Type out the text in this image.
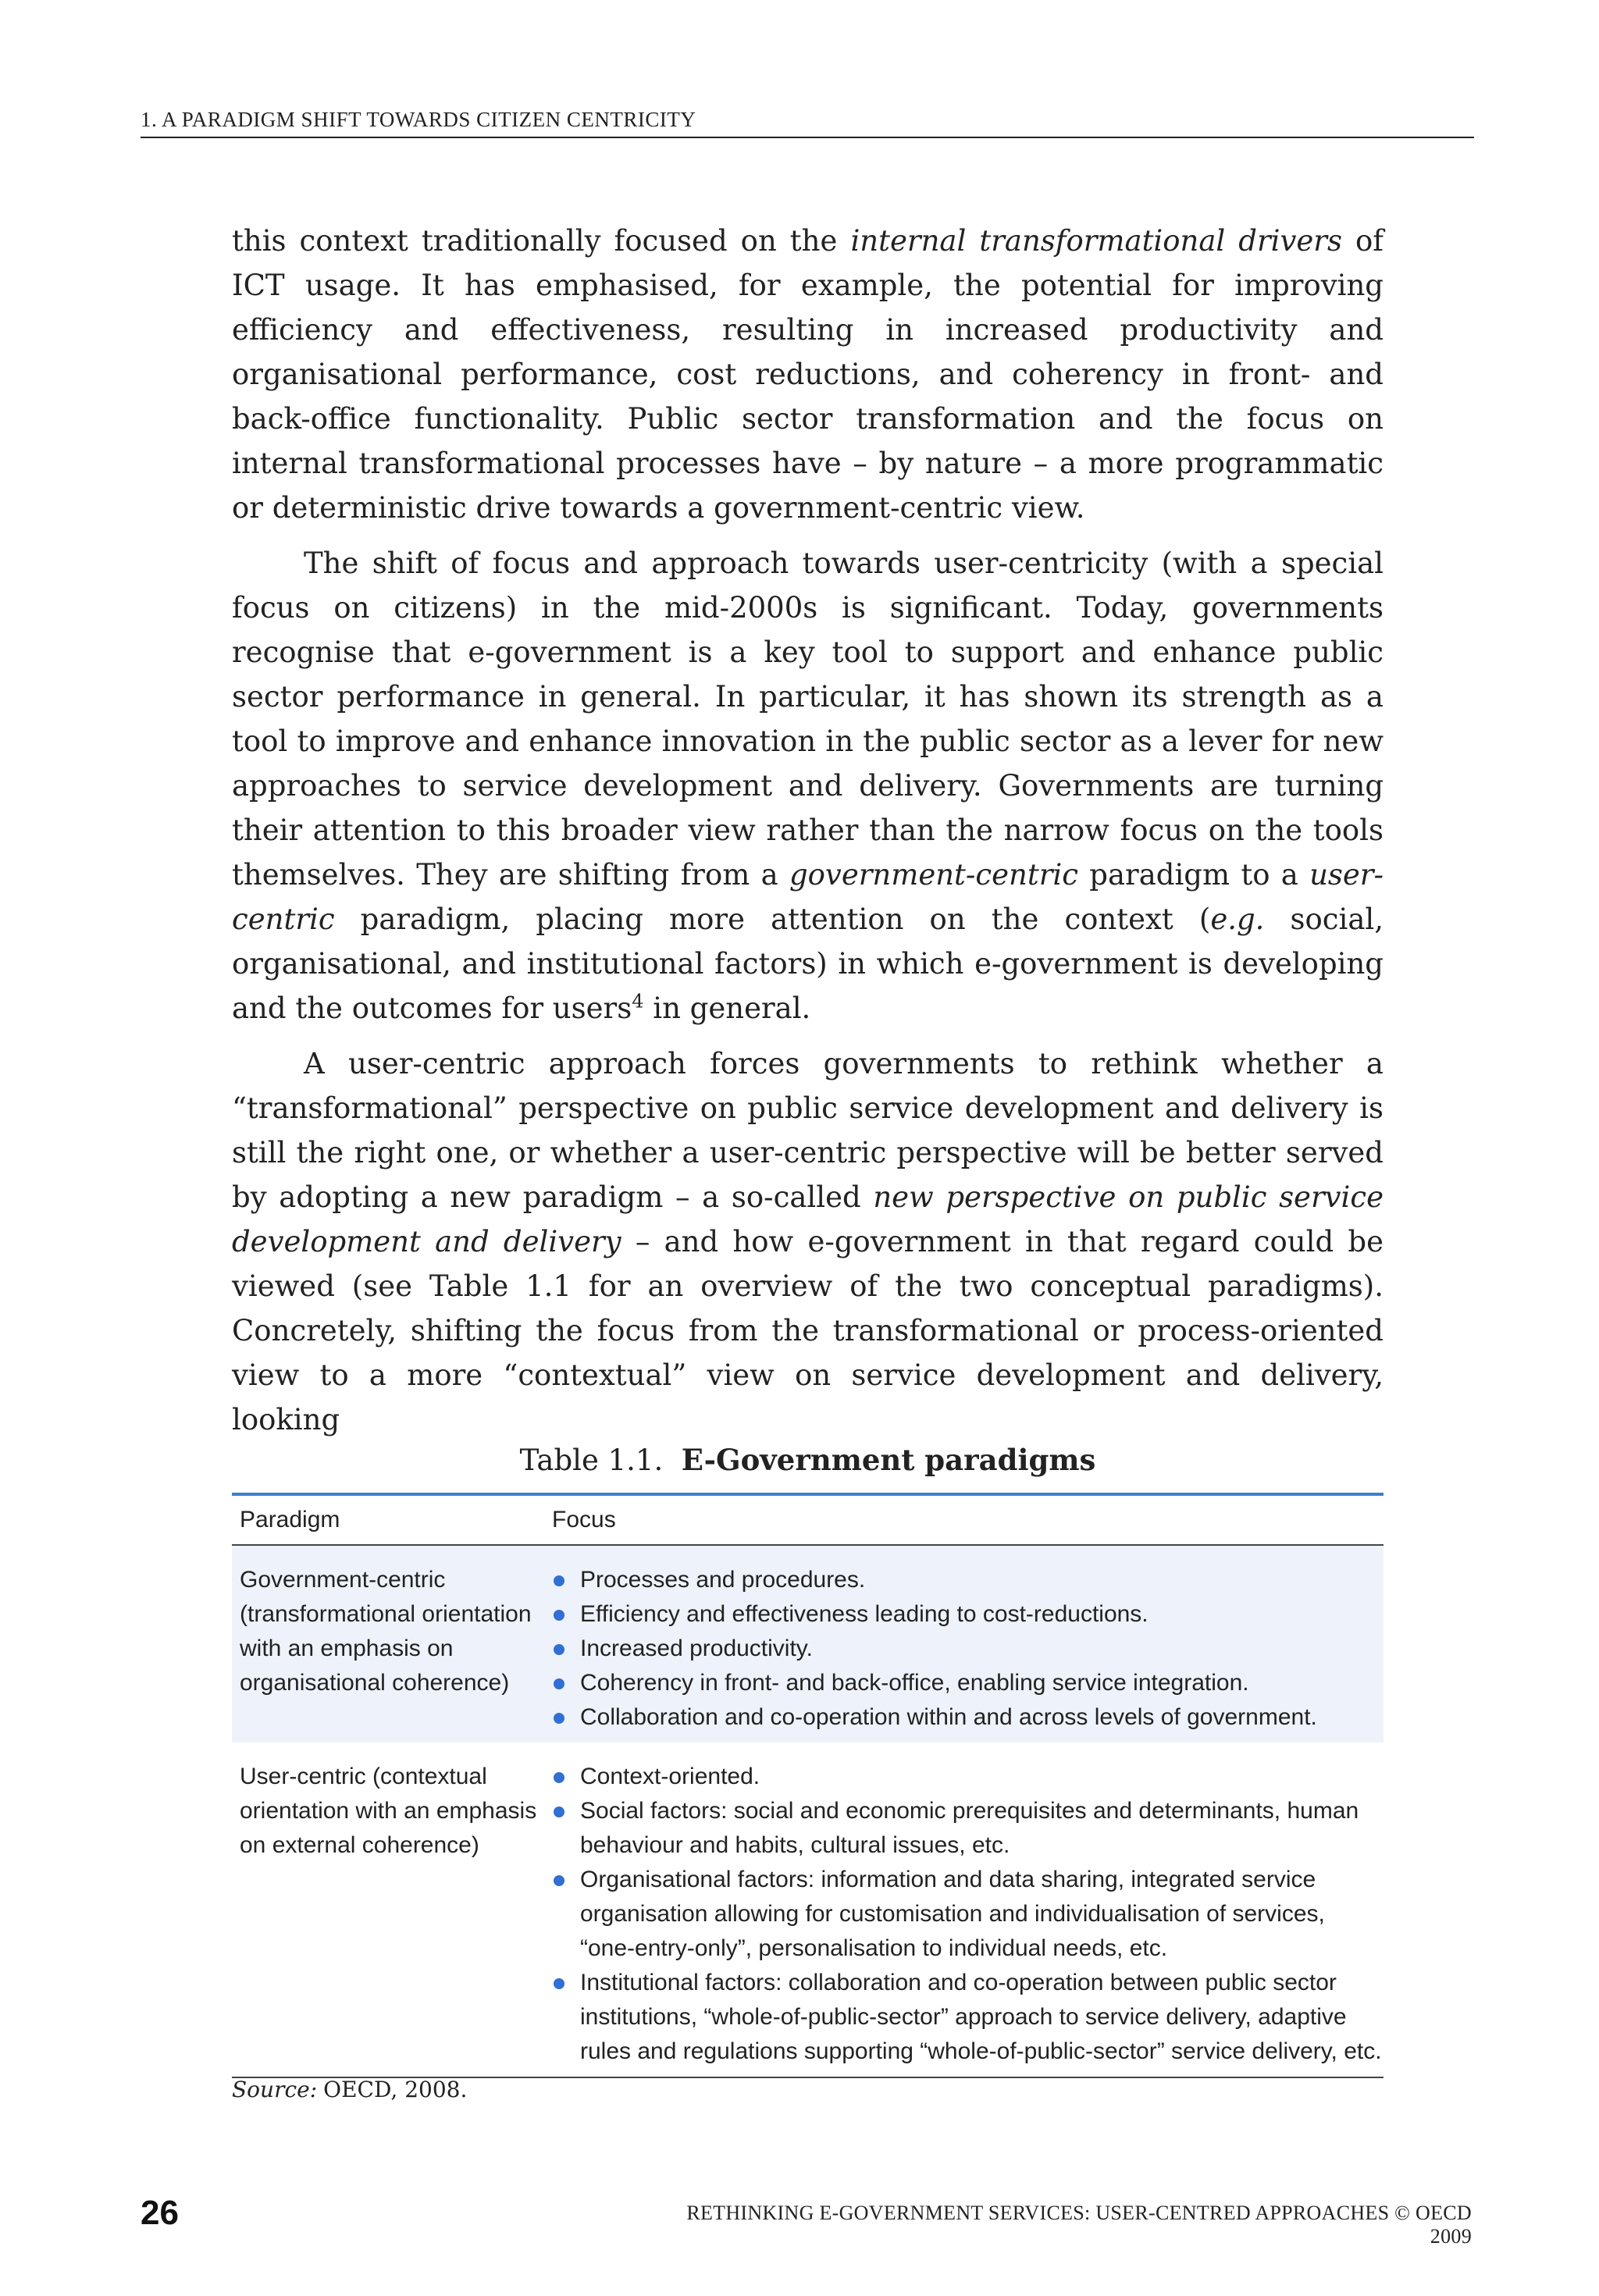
1. A PARADIGM SHIFT TOWARDS CITIZEN CENTRICITY

this context traditionally focused on the internal transformational drivers of ICT usage. It has emphasised, for example, the potential for improving efficiency and effectiveness, resulting in increased productivity and organisational performance, cost reductions, and coherency in front- and back-office functionality. Public sector transformation and the focus on internal transformational processes have – by nature – a more programmatic or deterministic drive towards a government-centric view.

The shift of focus and approach towards user-centricity (with a special focus on citizens) in the mid-2000s is significant. Today, governments recognise that e-government is a key tool to support and enhance public sector performance in general. In particular, it has shown its strength as a tool to improve and enhance innovation in the public sector as a lever for new approaches to service development and delivery. Governments are turning their attention to this broader view rather than the narrow focus on the tools themselves. They are shifting from a government-centric paradigm to a user-centric paradigm, placing more attention on the context (e.g. social, organisational, and institutional factors) in which e-government is developing and the outcomes for users$^4$ in general.

A user-centric approach forces governments to rethink whether a “transformational” perspective on public service development and delivery is still the right one, or whether a user-centric perspective will be better served by adopting a new paradigm – a so-called new perspective on public service development and delivery – and how e-government in that regard could be viewed (see Table 1.1 for an overview of the two conceptual paradigms). Concretely, shifting the focus from the transformational or process-oriented view to a more “contextual” view on service development and delivery, looking

Table 1.1. E-Government paradigms
Paradigm	Focus
Government-centric (transformational orientation with an emphasis on organisational coherence)
Processes and procedures.
Efficiency and effectiveness leading to cost-reductions.
Increased productivity.
Coherency in front- and back-office, enabling service integration.
Collaboration and co-operation within and across levels of government.
User-centric (contextual orientation with an emphasis on external coherence)
Context-oriented.
Social factors: social and economic prerequisites and determinants, human behaviour and habits, cultural issues, etc.
Organisational factors: information and data sharing, integrated service organisation allowing for customisation and individualisation of services, “one-entry-only”, personalisation to individual needs, etc.
Institutional factors: collaboration and co-operation between public sector institutions, “whole-of-public-sector” approach to service delivery, adaptive rules and regulations supporting “whole-of-public-sector” service delivery, etc.
Source: OECD, 2008.
26	RETHINKING E-GOVERNMENT SERVICES: USER-CENTRED APPROACHES © OECD 2009
